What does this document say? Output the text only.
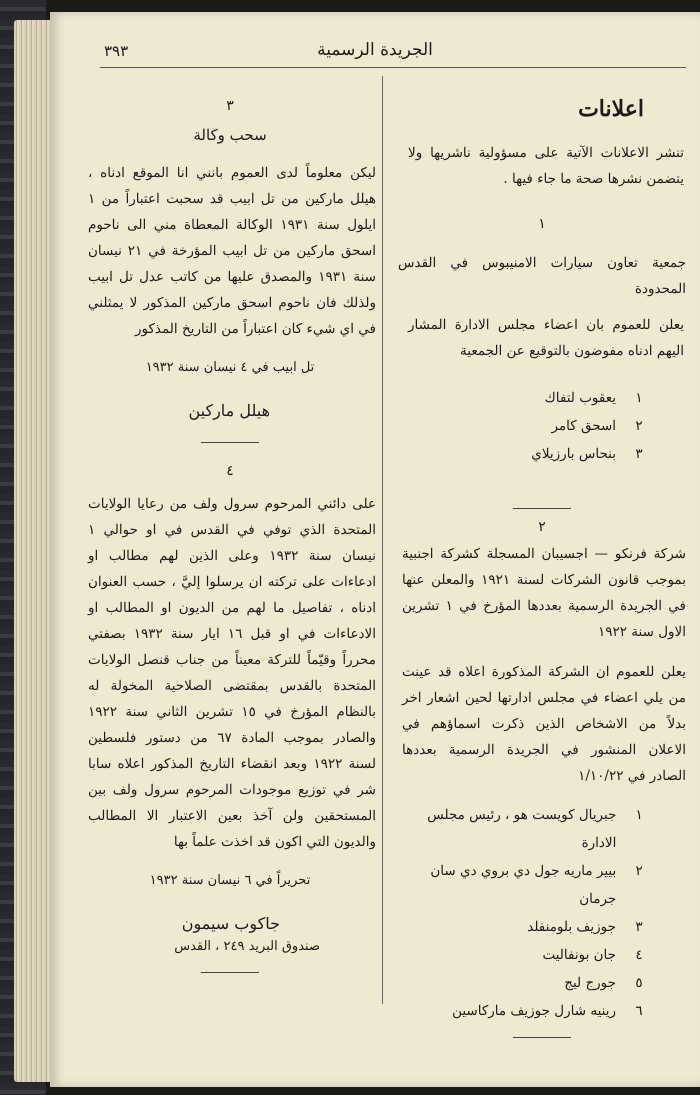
٣٩٣	الجريدة الرسمية
اعلانات
تنشر الاعلانات الآتية على مسؤولية ناشريها ولا يتضمن نشرها صحة ما جاء فيها .
١
جمعية تعاون سيارات الامنيبوس في القدس المحدودة
يعلن للعموم بان اعضاء مجلس الادارة المشار اليهم ادناه مفوضون بالتوقيع عن الجمعية
١
يعقوب لتفاك
٢
اسحق كامر
٣
بنحاس بارزيلاي
٢
شركة فرنكو — اجسيبان المسجلة كشركة اجنبية بموجب قانون الشركات لسنة ١٩٢١ والمعلن عنها في الجريدة الرسمية بعددها المؤرخ في ١ تشرين الاول سنة ١٩٢٢
يعلن للعموم ان الشركة المذكورة اعلاه قد عينت من يلي اعضاء في مجلس ادارتها لحين اشعار اخر بدلاً من الاشخاص الذين ذكرت اسماؤهم في الاعلان المنشور في الجريدة الرسمية بعددها الصادر في ١/١٠/٢٢
١
جبريال كويست هو ، رئيس مجلس الادارة
٢
بيير ماريه جول دي بروي دي سان جرمان
٣
جوزيف بلومنفلد
٤
جان بونفاليت
٥
جورج ليج
٦
رينيه شارل جوزيف ماركاسين
٣
سحب وكالة
ليكن معلوماً لدى العموم بانني انا الموقع ادناه ، هيلل ماركين من تل ابيب قد سحبت اعتباراً من ١ ايلول سنة ١٩٣١ الوكالة المعطاة مني الى ناحوم اسحق ماركين من تل ابيب المؤرخة في ٢١ نيسان سنة ١٩٣١ والمصدق عليها من كاتب عدل تل ابيب ولذلك فان ناحوم اسحق ماركين المذكور لا يمثلني في اي شيء كان اعتباراً من التاريخ المذكور
تل ابيب في ٤ نيسان سنة ١٩٣٢
هيلل ماركين
٤
على دائني المرحوم سرول ولف من رعايا الولايات المتحدة الذي توفي في القدس في او حوالي ١ نيسان سنة ١٩٣٢ وعلى الذين لهم مطالب او ادعاءات على تركته ان يرسلوا إليَّ ، حسب العنوان ادناه ، تفاصيل ما لهم من الديون او المطالب او الادعاءات في او قبل ١٦ ايار سنة ١٩٣٢ بصفتي محرراً وقيّماً للتركة معيناً من جناب قنصل الولايات المتحدة بالقدس بمقتضى الصلاحية المخولة له بالنظام المؤرخ في ١٥ تشرين الثاني سنة ١٩٢٢ والصادر بموجب المادة ٦٧ من دستور فلسطين لسنة ١٩٢٢ وبعد انقضاء التاريخ المذكور اعلاه سابا شر في توزيع موجودات المرحوم سرول ولف بين المستحقين ولن آخذ بعين الاعتبار الا المطالب والديون التي اكون قد اخذت علماً بها
تحريراً في ٦ نيسان سنة ١٩٣٢
جاكوب سيمون
صندوق البريد ٢٤٩ ، القدس
